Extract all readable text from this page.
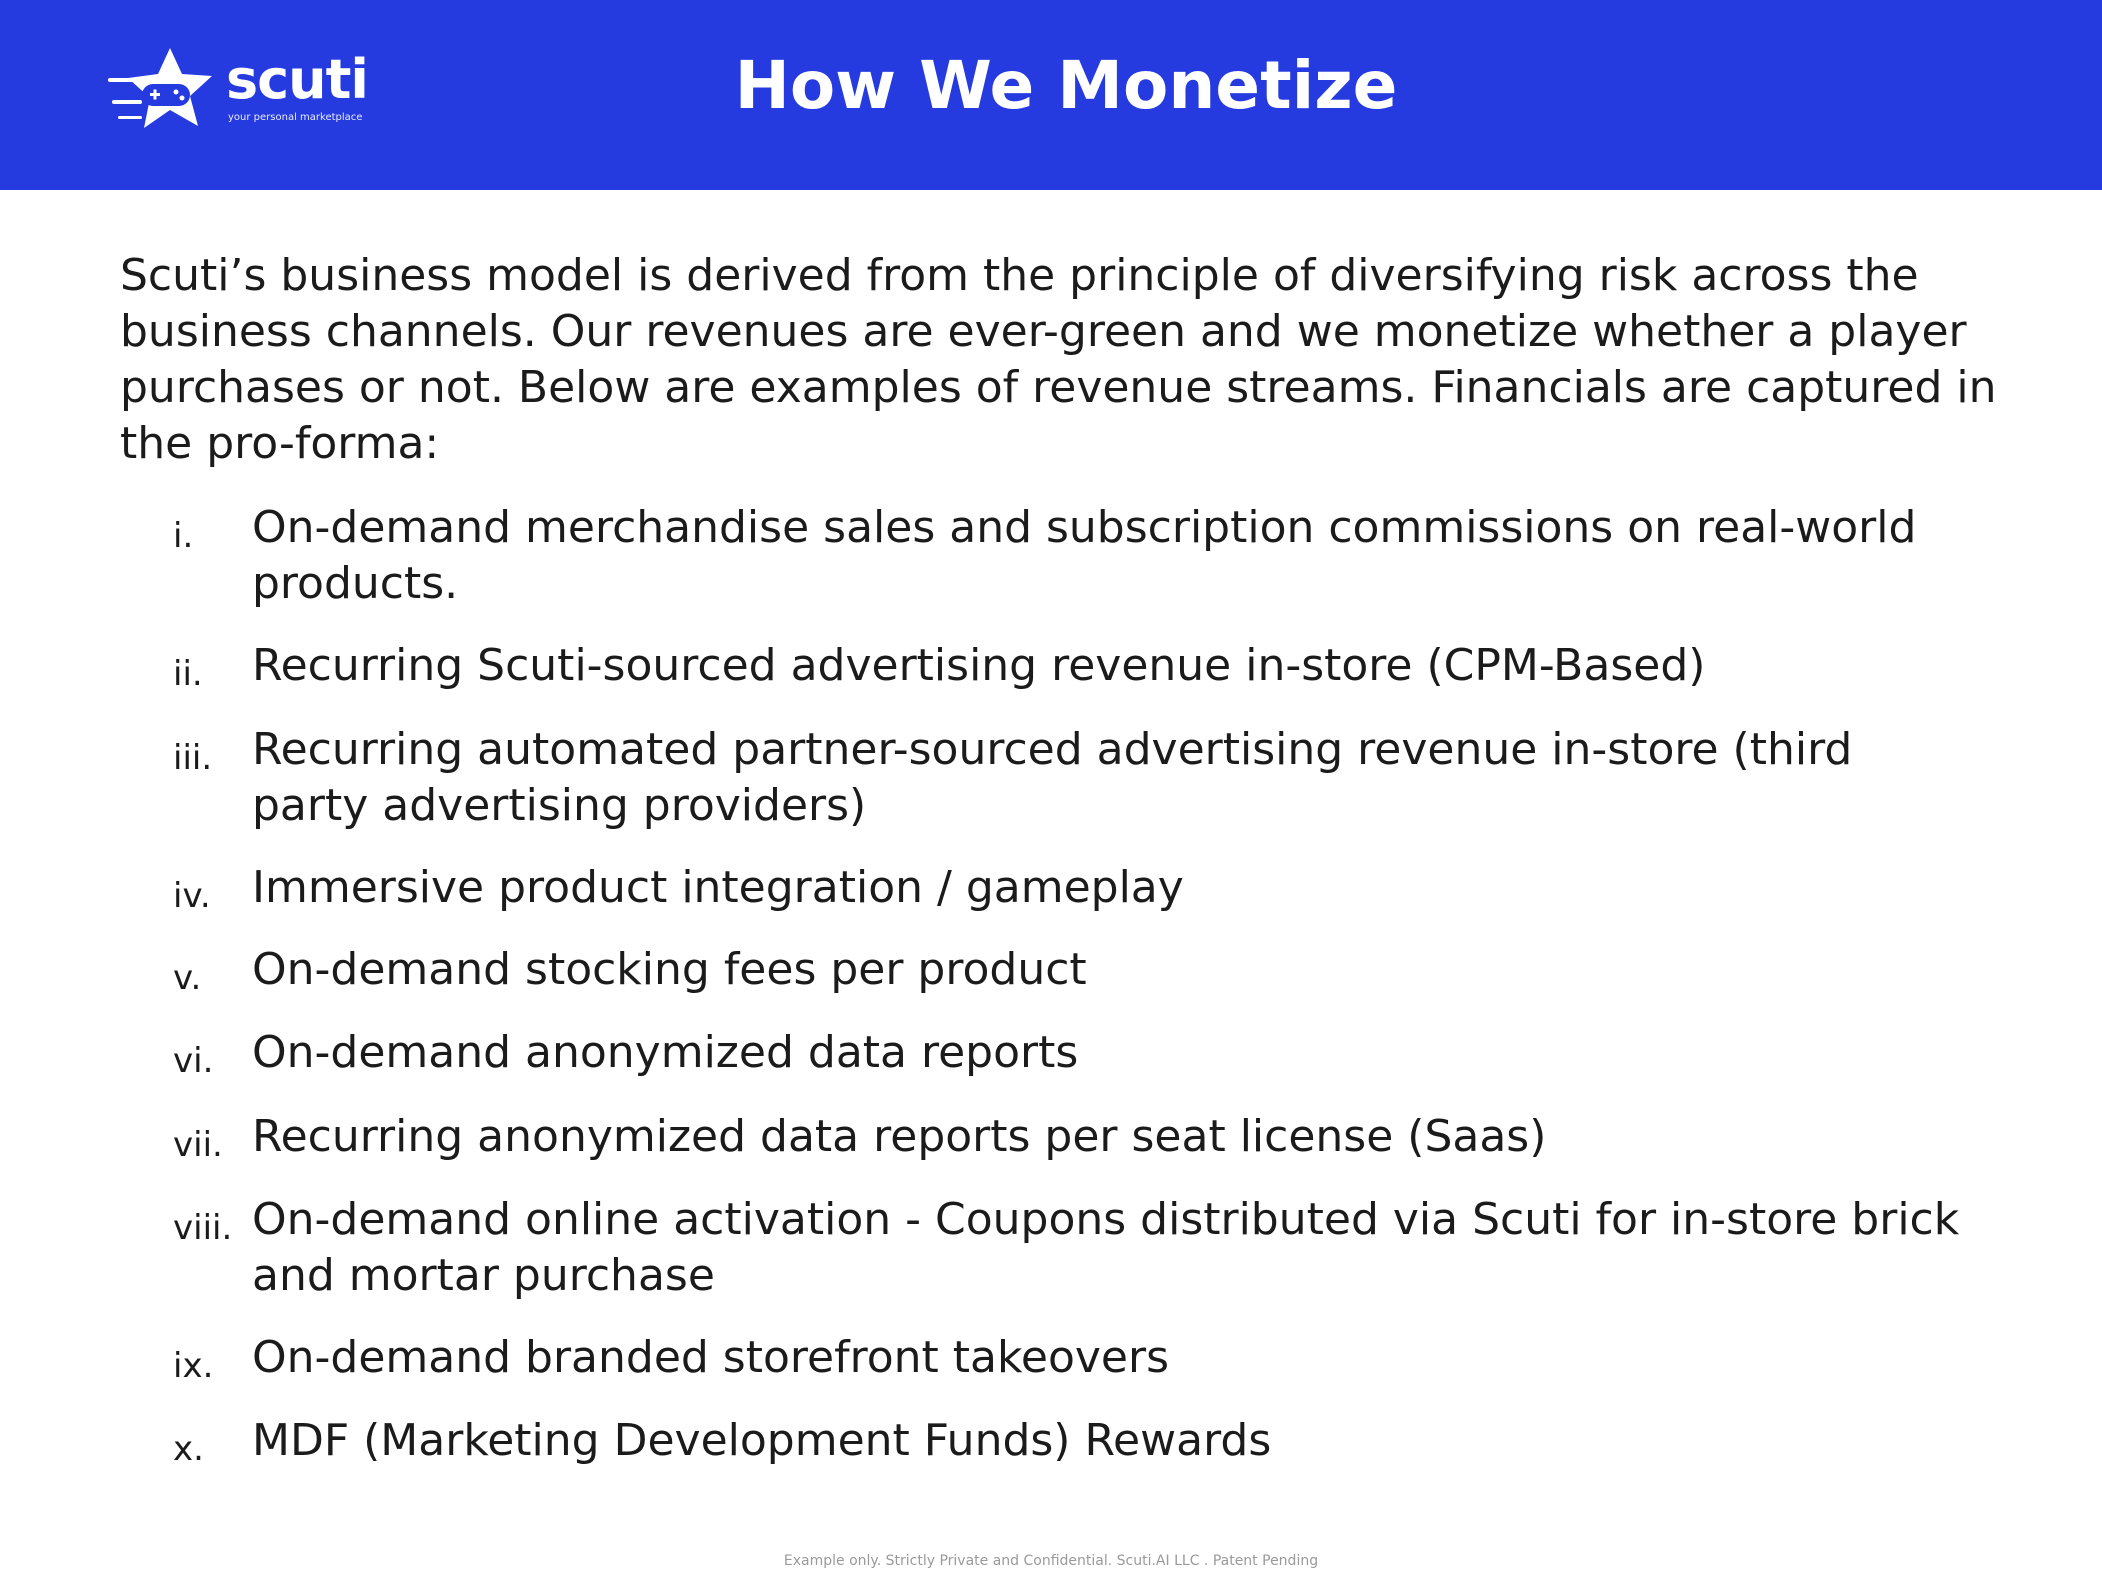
scuti
your personal marketplace	How We Monetize

Scuti’s business model is derived from the principle of diversifying risk across the business channels. Our revenues are ever-green and we monetize whether a player purchases or not. Below are examples of revenue streams. Financials are captured in the pro-forma:

i. On-demand merchandise sales and subscription commissions on real-world products.
ii. Recurring Scuti-sourced advertising revenue in-store (CPM-Based)
iii. Recurring automated partner-sourced advertising revenue in-store (third party advertising providers)
iv. Immersive product integration / gameplay
v. On-demand stocking fees per product
vi. On-demand anonymized data reports
vii. Recurring anonymized data reports per seat license (Saas)
viii. On-demand online activation - Coupons distributed via Scuti for in-store brick and mortar purchase
ix. On-demand branded storefront takeovers
x. MDF (Marketing Development Funds) Rewards
Example only. Strictly Private and Confidential. Scuti.AI LLC . Patent Pending
